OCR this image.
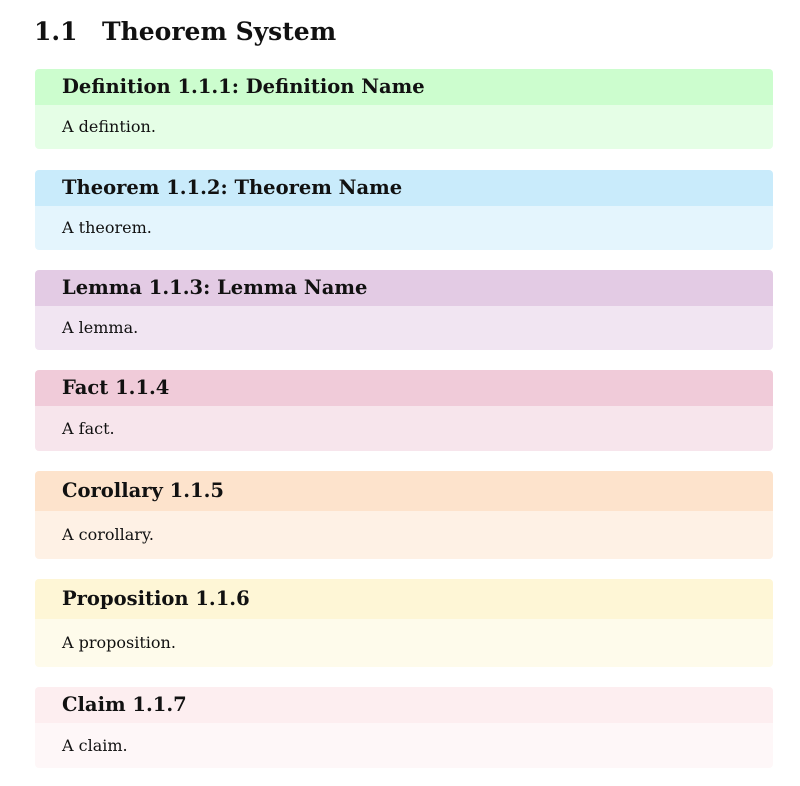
1.1 Theorem System
Definition 1.1.1: Definition Name
A defintion.
Theorem 1.1.2: Theorem Name
A theorem.
Lemma 1.1.3: Lemma Name
A lemma.
Fact 1.1.4
A fact.
Corollary 1.1.5
A corollary.
Proposition 1.1.6
A proposition.
Claim 1.1.7
A claim.
